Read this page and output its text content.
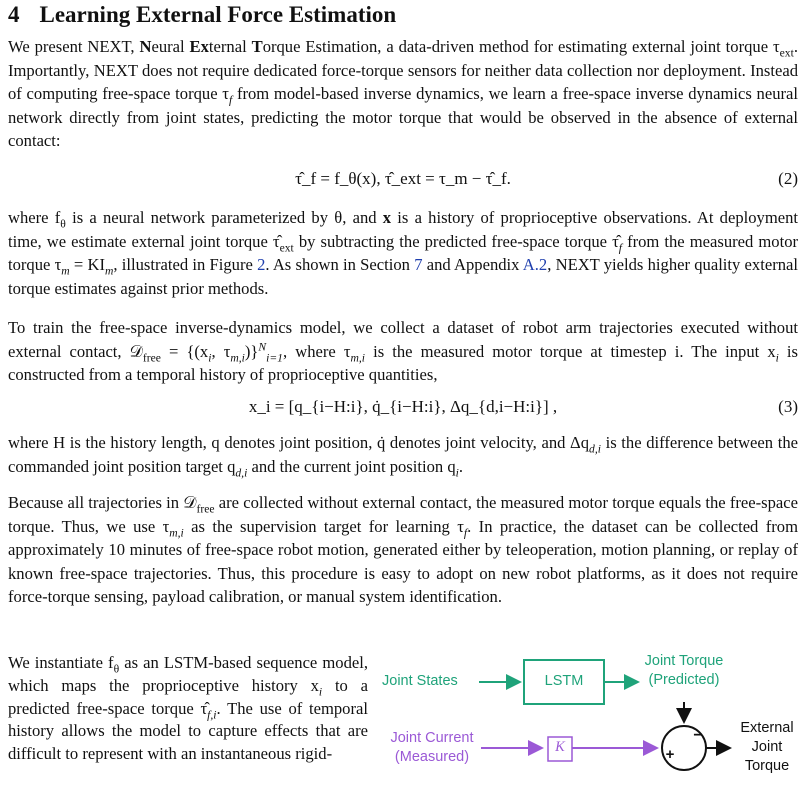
4 Learning External Force Estimation

We present NEXT, Neural External Torque Estimation, a data-driven method for estimating external joint torque $\tau_{ext}$. Importantly, NEXT does not require dedicated force-torque sensors for neither data collection nor deployment. Instead of computing free-space torque $\tau_f$ from model-based inverse dynamics, we learn a free-space inverse dynamics neural network directly from joint states, predicting the motor torque that would be observed in the absence of external contact:

τ̂_f = f_θ(x), τ̂_ext = τ_m − τ̂_f.	(2)

where $f_\theta$ is a neural network parameterized by θ, and x is a history of proprioceptive observations. At deployment time, we estimate external joint torque $\taû_{ext}$ by subtracting the predicted free-space torque $\taû_f$ from the measured motor torque $\tau_m = KI_m$, illustrated in Figure 2. As shown in Section 7 and Appendix A.2, NEXT yields higher quality external torque estimates against prior methods.

To train the free-space inverse-dynamics model, we collect a dataset of robot arm trajectories executed without external contact, 𝒟$_{free}$ = {($x_i$, $\tau_{m,i})\}^N_{i=1}$, where $\tau_{m,i}$ is the measured motor torque at timestep i. The input $x_i$ is constructed from a temporal history of proprioceptive quantities,

x_i = [q_{i−H:i}, q̇_{i−H:i}, Δq_{d,i−H:i}] ,	(3)

where H is the history length, q denotes joint position, q̇ denotes joint velocity, and $\Delta q_{d,i}$ is the difference between the commanded joint position target $q_{d,i}$ and the current joint position $q_i$.

Because all trajectories in 𝒟$_{free}$ are collected without external contact, the measured motor torque equals the free-space torque. Thus, we use $\tau_{m,i}$ as the supervision target for learning $\tau_f$. In practice, the dataset can be collected from approximately 10 minutes of free-space robot motion, generated either by teleoperation, motion planning, or replay of known free-space trajectories. Thus, this procedure is easy to adopt on new robot platforms, as it does not require force-torque sensing, payload calibration, or manual system identification.

We instantiate $f_\theta$ as an LSTM-based sequence model, which maps the proprioceptive history $x_i$ to a predicted free-space torque $\taû_{f,i}$. The use of temporal history allows the model to capture effects that are difficult to represent with an instantaneous rigid-

Joint States	LSTM
Joint Torque
(Predicted)
Joint Current
(Measured)
K	+
−	External
Joint
Torque
